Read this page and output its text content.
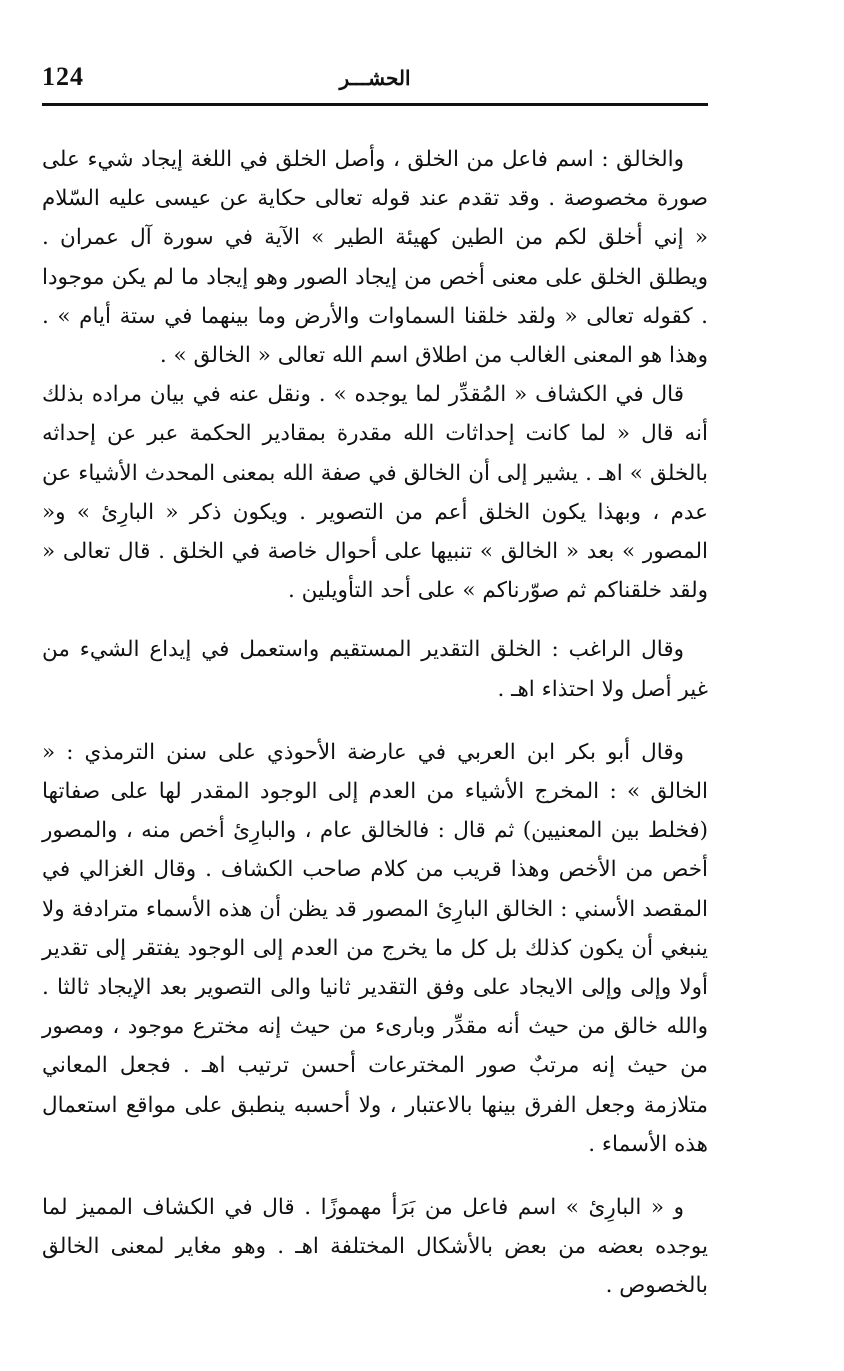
124	الحشـــر

والخالق : اسم فاعل من الخلق ، وأصل الخلق في اللغة إيجاد شيء على صورة مخصوصة . وقد تقدم عند قوله تعالى حكاية عن عيسى عليه السّلام « إني أخلق لكم من الطين كهيئة الطير » الآية في سورة آل عمران . ويطلق الخلق على معنى أخص من إيجاد الصور وهو إيجاد ما لم يكن موجودا . كقوله تعالى « ولقد خلقنا السماوات والأرض وما بينهما في ستة أيام » . وهذا هو المعنى الغالب من اطلاق اسم الله تعالى « الخالق » .

قال في الكشاف « المُقدِّر لما يوجده » . ونقل عنه في بيان مراده بذلك أنه قال « لما كانت إحداثات الله مقدرة بمقادير الحكمة عبر عن إحداثه بالخلق » اهـ . يشير إلى أن الخالق في صفة الله بمعنى المحدث الأشياء عن عدم ، وبهذا يكون الخلق أعم من التصوير . ويكون ذكر « البارِئ » و« المصور » بعد « الخالق » تنبيها على أحوال خاصة في الخلق . قال تعالى « ولقد خلقناكم ثم صوّرناكم » على أحد التأويلين .

وقال الراغب : الخلق التقدير المستقيم واستعمل في إيداع الشيء من غير أصل ولا احتذاء اهـ .

وقال أبو بكر ابن العربي في عارضة الأحوذي على سنن الترمذي : « الخالق » : المخرج الأشياء من العدم إلى الوجود المقدر لها على صفاتها (فخلط بين المعنيين) ثم قال : فالخالق عام ، والبارِئ أخص منه ، والمصور أخص من الأخص وهذا قريب من كلام صاحب الكشاف . وقال الغزالي في المقصد الأسني : الخالق البارِئ المصور قد يظن أن هذه الأسماء مترادفة ولا ينبغي أن يكون كذلك بل كل ما يخرج من العدم إلى الوجود يفتقر إلى تقدير أولا وإلى وإلى الايجاد على وفق التقدير ثانيا والى التصوير بعد الإيجاد ثالثا . والله خالق من حيث أنه مقدِّر وبارىء من حيث إنه مخترع موجود ، ومصور من حيث إنه مرتبٌ صور المخترعات أحسن ترتيب اهـ . فجعل المعاني متلازمة وجعل الفرق بينها بالاعتبار ، ولا أحسبه ينطبق على مواقع استعمال هذه الأسماء .

و « البارِئ » اسم فاعل من بَرَأ مهموزًا . قال في الكشاف المميز لما يوجده بعضه من بعض بالأشكال المختلفة اهـ . وهو مغاير لمعنى الخالق بالخصوص .
